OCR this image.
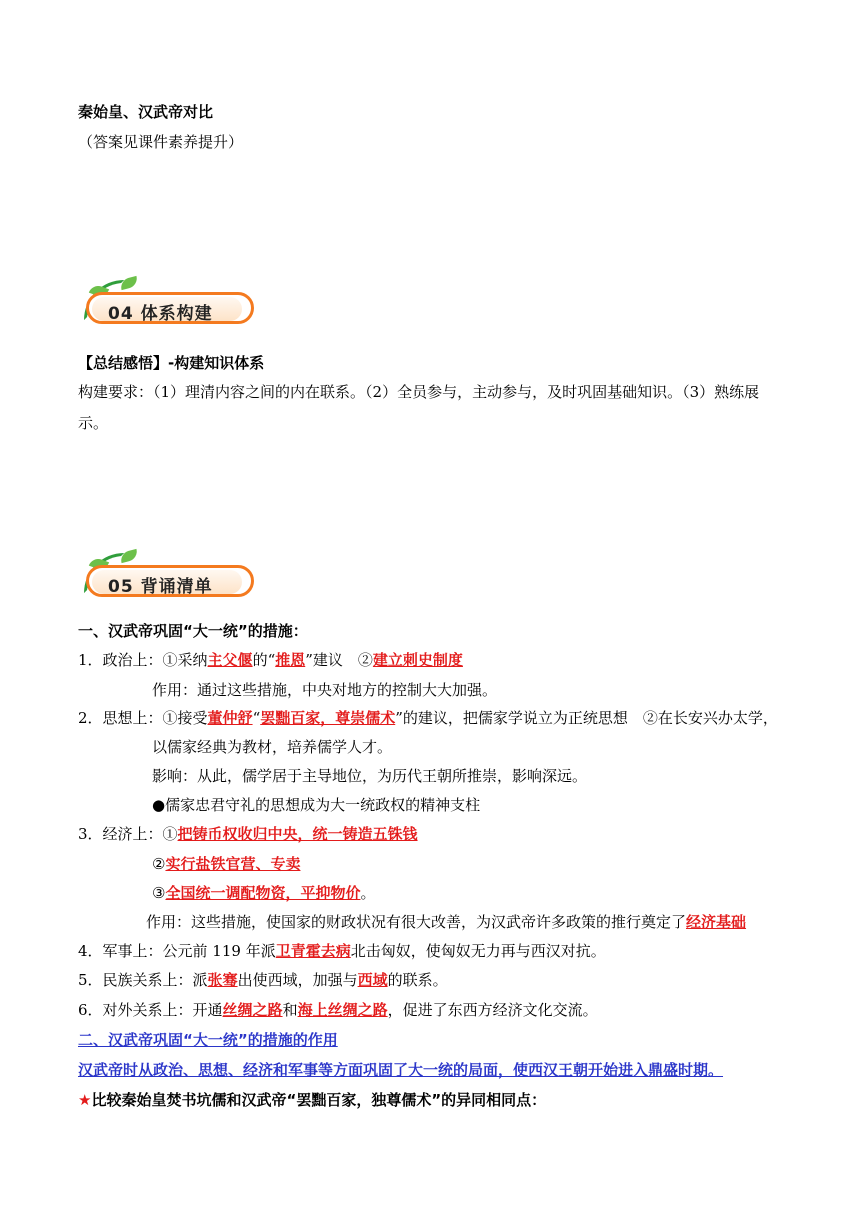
秦始皇、汉武帝对比
（答案见课件素养提升）
04 体系构建
【总结感悟】-构建知识体系
构建要求：（1）理清内容之间的内在联系。（2）全员参与，主动参与，及时巩固基础知识。（3）熟练展示。
05 背诵清单
一、汉武帝巩固“大一统”的措施：
1．政治上：①采纳主父偃的“推恩”建议　②建立刺史制度
作用：通过这些措施，中央对地方的控制大大加强。
2．思想上：①接受董仲舒“罢黜百家，尊崇儒术”的建议，把儒家学说立为正统思想　②在长安兴办太学，
以儒家经典为教材，培养儒学人才。
影响：从此，儒学居于主导地位，为历代王朝所推崇，影响深远。
●儒家忠君守礼的思想成为大一统政权的精神支柱
3．经济上：①把铸币权收归中央，统一铸造五铢钱
②实行盐铁官营、专卖
③全国统一调配物资，平抑物价。
作用：这些措施，使国家的财政状况有很大改善，为汉武帝许多政策的推行奠定了经济基础
4．军事上：公元前 119 年派卫青霍去病北击匈奴，使匈奴无力再与西汉对抗。
5．民族关系上：派张骞出使西域，加强与西域的联系。
6．对外关系上：开通丝绸之路和海上丝绸之路，促进了东西方经济文化交流。
二、汉武帝巩固“大一统”的措施的作用
汉武帝时从政治、思想、经济和军事等方面巩固了大一统的局面，使西汉王朝开始进入鼎盛时期。
★比较秦始皇焚书坑儒和汉武帝“罢黜百家，独尊儒术”的异同相同点：
